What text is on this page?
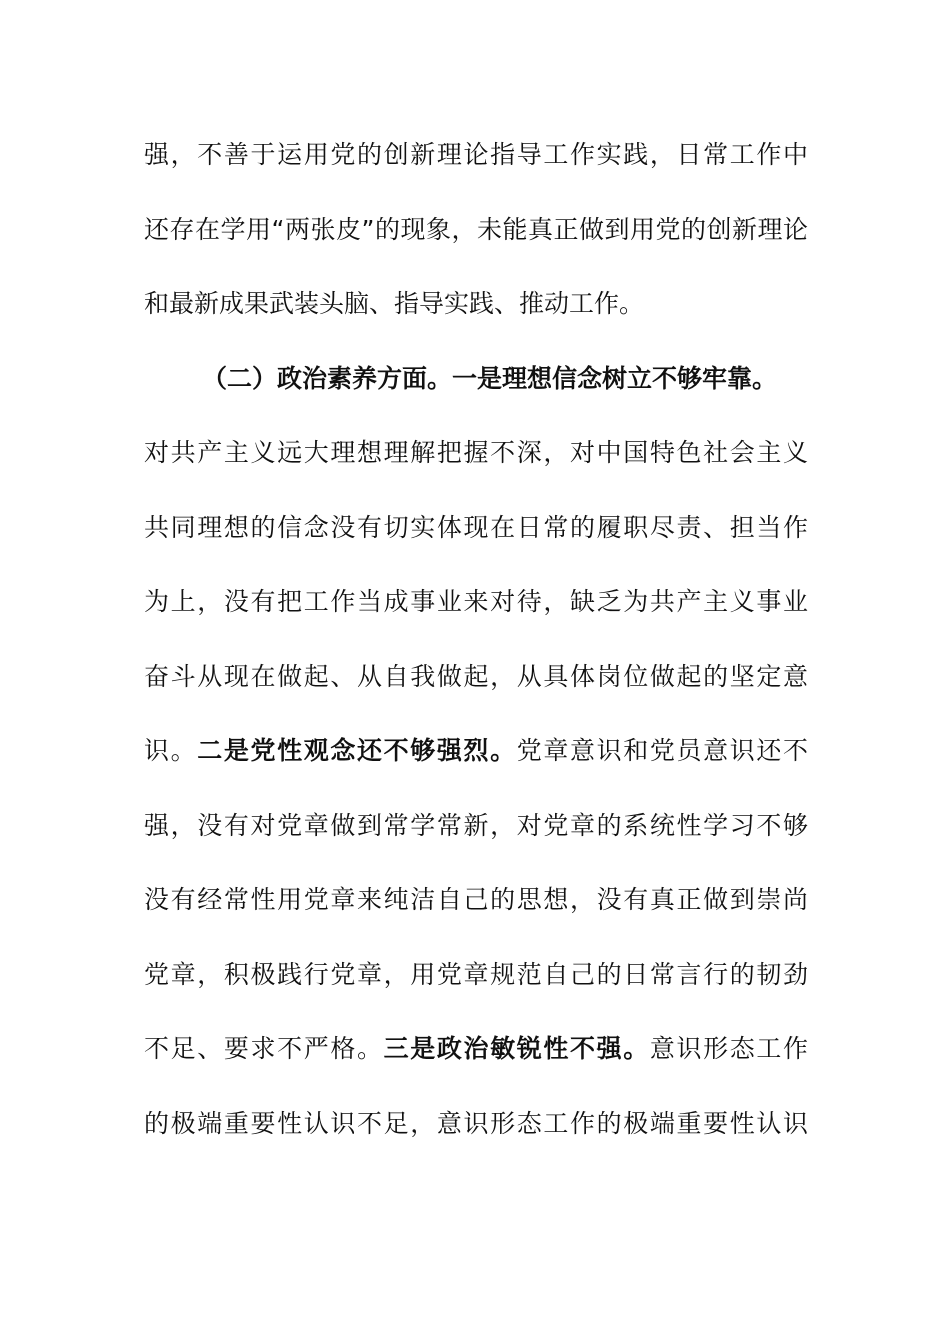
强，不善于运用党的创新理论指导工作实践，日常工作中
还存在学用“两张皮”的现象，未能真正做到用党的创新理论
和最新成果武装头脑、指导实践、推动工作。
（二）政治素养方面。一是理想信念树立不够牢靠。
对共产主义远大理想理解把握不深，对中国特色社会主义
共同理想的信念没有切实体现在日常的履职尽责、担当作
为上，没有把工作当成事业来对待，缺乏为共产主义事业
奋斗从现在做起、从自我做起，从具体岗位做起的坚定意
识。二是党性观念还不够强烈。党章意识和党员意识还不
强，没有对党章做到常学常新，对党章的系统性学习不够
没有经常性用党章来纯洁自己的思想，没有真正做到崇尚
党章，积极践行党章，用党章规范自己的日常言行的韧劲
不足、要求不严格。三是政治敏锐性不强。意识形态工作
的极端重要性认识不足，意识形态工作的极端重要性认识
